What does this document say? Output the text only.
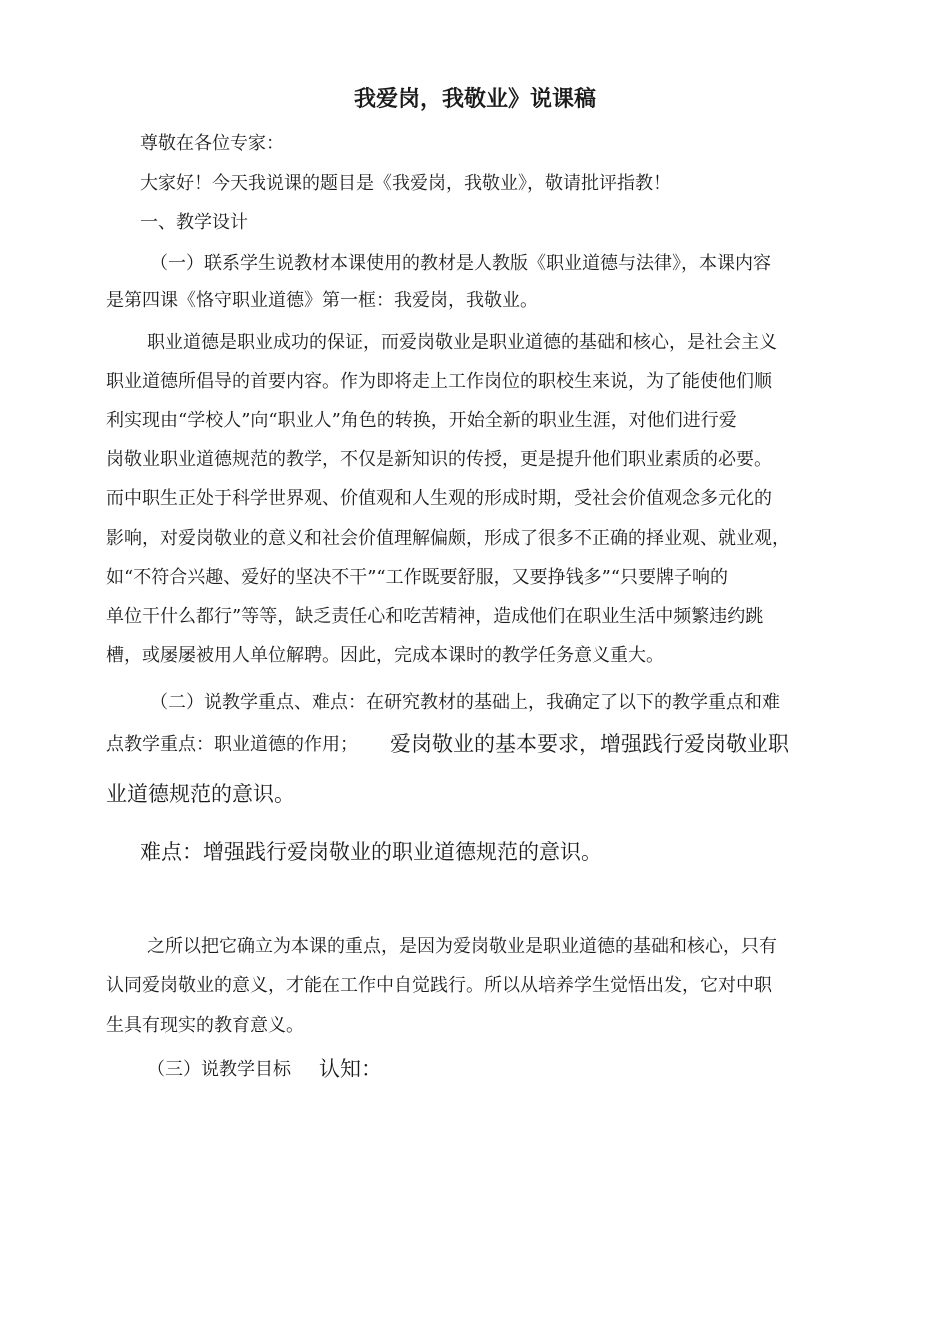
我爱岗，我敬业》说课稿

尊敬在各位专家：

大家好！今天我说课的题目是《我爱岗，我敬业》，敬请批评指教！

一、教学设计

（一）联系学生说教材本课使用的教材是人教版《职业道德与法律》，本课内容

是第四课《恪守职业道德》第一框：我爱岗，我敬业。

职业道德是职业成功的保证，而爱岗敬业是职业道德的基础和核心，是社会主义

职业道德所倡导的首要内容。作为即将走上工作岗位的职校生来说，为了能使他们顺

利实现由“学校人”向“职业人”角色的转换，开始全新的职业生涯，对他们进行爱

岗敬业职业道德规范的教学，不仅是新知识的传授，更是提升他们职业素质的必要。

而中职生正处于科学世界观、价值观和人生观的形成时期，受社会价值观念多元化的

影响，对爱岗敬业的意义和社会价值理解偏颇，形成了很多不正确的择业观、就业观，

如“不符合兴趣、爱好的坚决不干”“工作既要舒服，又要挣钱多”“只要牌子响的

单位干什么都行”等等，缺乏责任心和吃苦精神，造成他们在职业生活中频繁违约跳

槽，或屡屡被用人单位解聘。因此，完成本课时的教学任务意义重大。

（二）说教学重点、难点：在研究教材的基础上，我确定了以下的教学重点和难

点教学重点：职业道德的作用； 爱岗敬业的基本要求，增强践行爱岗敬业职

业道德规范的意识。

难点：增强践行爱岗敬业的职业道德规范的意识。

之所以把它确立为本课的重点，是因为爱岗敬业是职业道德的基础和核心，只有

认同爱岗敬业的意义，才能在工作中自觉践行。所以从培养学生觉悟出发，它对中职

生具有现实的教育意义。

（三）说教学目标 认知：
